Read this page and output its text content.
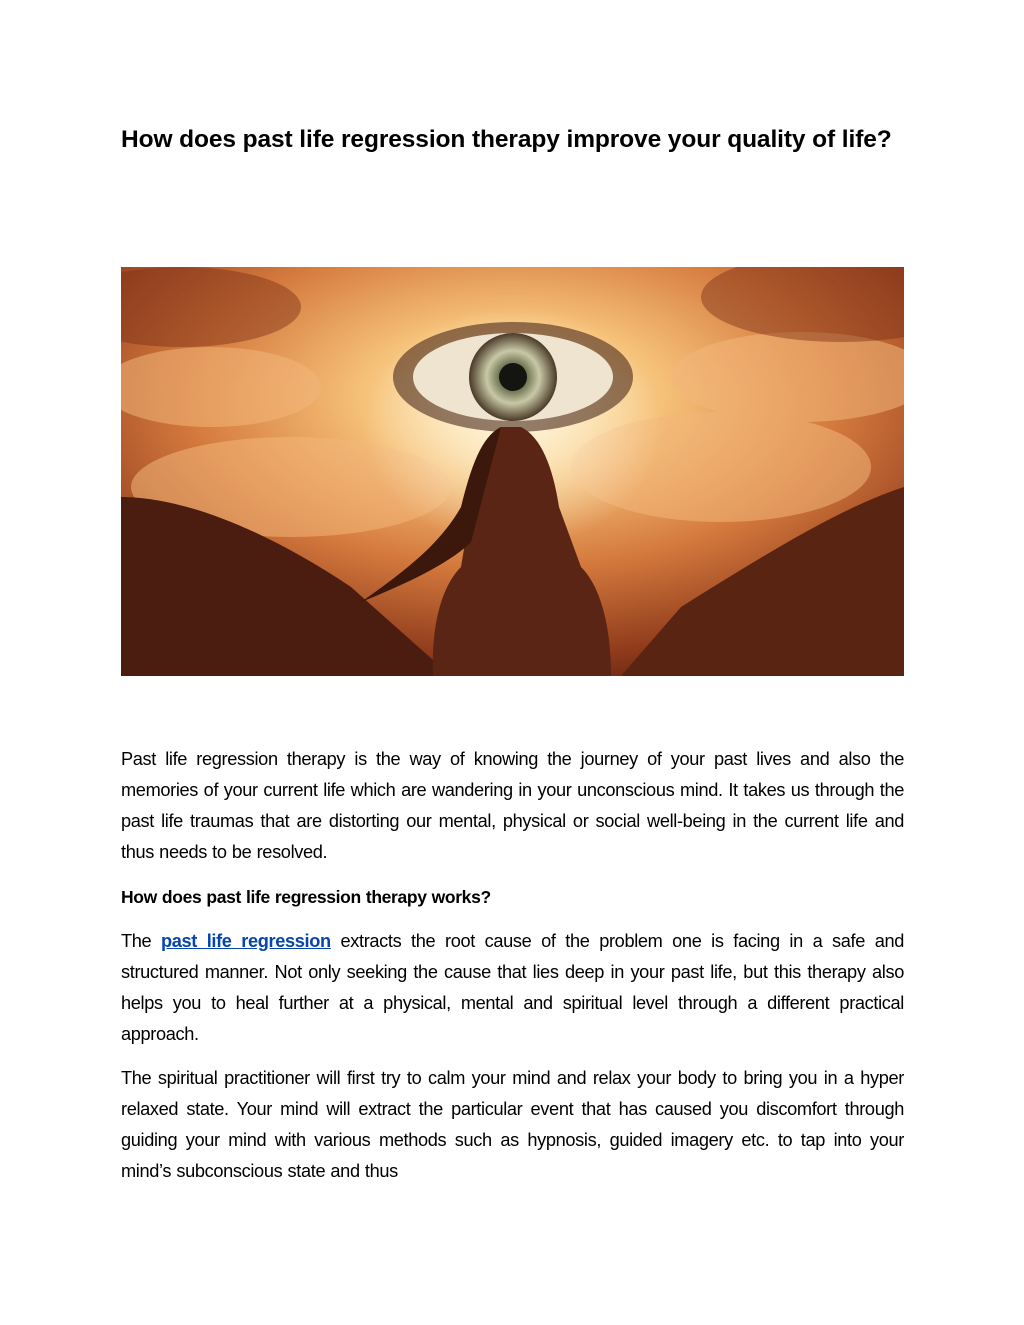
How does past life regression therapy improve your quality of life?

Past life regression therapy is the way of knowing the journey of your past lives and also the memories of your current life which are wandering in your unconscious mind. It takes us through the past life traumas that are distorting our mental, physical or social well-being in the current life and thus needs to be resolved.

How does past life regression therapy works?

The past life regression extracts the root cause of the problem one is facing in a safe and structured manner. Not only seeking the cause that lies deep in your past life, but this therapy also helps you to heal further at a physical, mental and spiritual level through a different practical approach.

The spiritual practitioner will first try to calm your mind and relax your body to bring you in a hyper relaxed state. Your mind will extract the particular event that has caused you discomfort through guiding your mind with various methods such as hypnosis, guided imagery etc. to tap into your mind’s subconscious state and thus
